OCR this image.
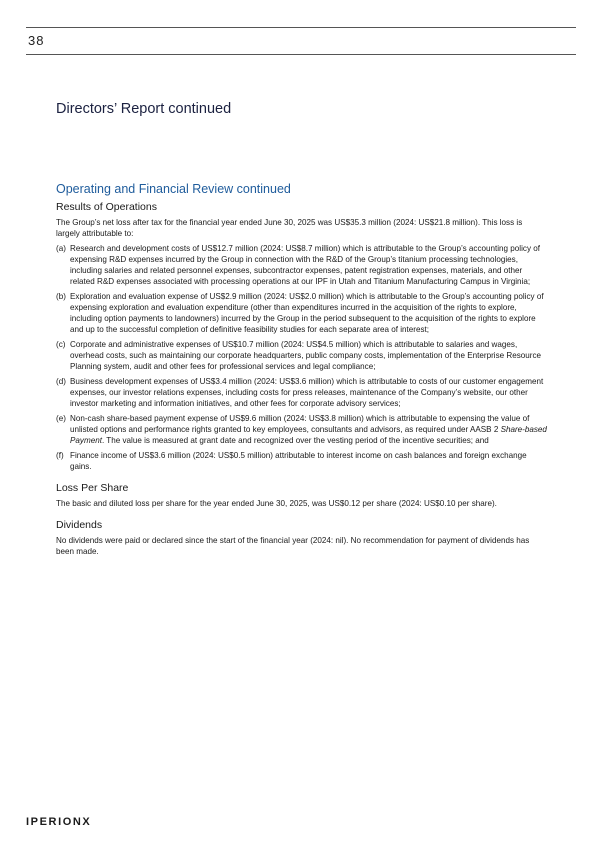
38
Directors’ Report continued
Operating and Financial Review continued
Results of Operations

The Group’s net loss after tax for the financial year ended June 30, 2025 was US$35.3 million (2024: US$21.8 million). This loss is largely attributable to:

(a) Research and development costs of US$12.7 million (2024: US$8.7 million) which is attributable to the Group’s accounting policy of expensing R&D expenses incurred by the Group in connection with the R&D of the Group’s titanium processing technologies, including salaries and related personnel expenses, subcontractor expenses, patent registration expenses, materials, and other related R&D expenses associated with processing operations at our IPF in Utah and Titanium Manufacturing Campus in Virginia;
(b) Exploration and evaluation expense of US$2.9 million (2024: US$2.0 million) which is attributable to the Group’s accounting policy of expensing exploration and evaluation expenditure (other than expenditures incurred in the acquisition of the rights to explore, including option payments to landowners) incurred by the Group in the period subsequent to the acquisition of the rights to explore and up to the successful completion of definitive feasibility studies for each separate area of interest;
(c) Corporate and administrative expenses of US$10.7 million (2024: US$4.5 million) which is attributable to salaries and wages, overhead costs, such as maintaining our corporate headquarters, public company costs, implementation of the Enterprise Resource Planning system, audit and other fees for professional services and legal compliance;
(d) Business development expenses of US$3.4 million (2024: US$3.6 million) which is attributable to costs of our customer engagement expenses, our investor relations expenses, including costs for press releases, maintenance of the Company’s website, our other investor marketing and information initiatives, and other fees for corporate advisory services;
(e) Non-cash share-based payment expense of US$9.6 million (2024: US$3.8 million) which is attributable to expensing the value of unlisted options and performance rights granted to key employees, consultants and advisors, as required under AASB 2 Share-based Payment. The value is measured at grant date and recognized over the vesting period of the incentive securities; and
(f) Finance income of US$3.6 million (2024: US$0.5 million) attributable to interest income on cash balances and foreign exchange gains.
Loss Per Share

The basic and diluted loss per share for the year ended June 30, 2025, was US$0.12 per share (2024: US$0.10 per share).

Dividends

No dividends were paid or declared since the start of the financial year (2024: nil). No recommendation for payment of dividends has been made.

IPERIONX
